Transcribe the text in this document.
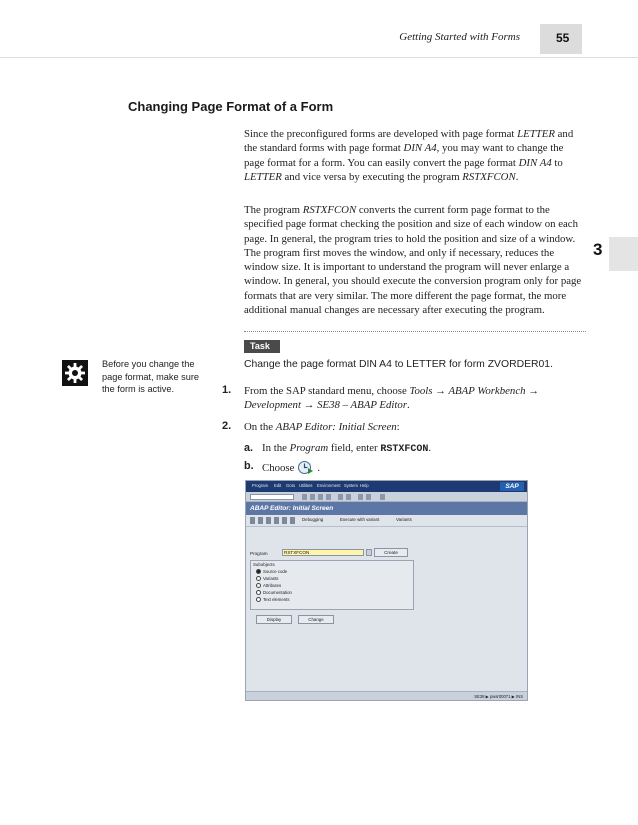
Getting Started with Forms	55
3
Changing Page Format of a Form

Since the preconfigured forms are developed with page format LETTER and the standard forms with page format DIN A4, you may want to change the page format for a form. You can easily convert the page format DIN A4 to LETTER and vice versa by executing the program RSTXFCON.

The program RSTXFCON converts the current form page format to the specified page format checking the position and size of each window on each page. In general, the program tries to hold the position and size of a window. The program first moves the window, and only if necessary, reduces the window size. It is important to understand the program will never enlarge a window. In general, you should execute the conversion program only for page formats that are very similar. The more different the page format, the more additional manual changes are necessary after executing the program.

Task
Before you change the page format, make sure the form is active.
Change the page format DIN A4 to LETTER for form ZVORDER01.
1. From the SAP standard menu, choose Tools → ABAP Workbench → Development → SE38 – ABAP Editor.

2. On the ABAP Editor: Initial Screen:

a. In the Program field, enter RSTXFCON.

b. Choose .

Program Edit Goto Utilities Environment System Help	SAP
ABAP Editor: Initial Screen
Debugging	Execute with variant	Variants
Program	RSTXFCON	Create
Subobjects
Source code
Variants
Attributes
Documentation
Text elements
Display	Change
SE38 ▶ pwsr00071 ▶ INS
